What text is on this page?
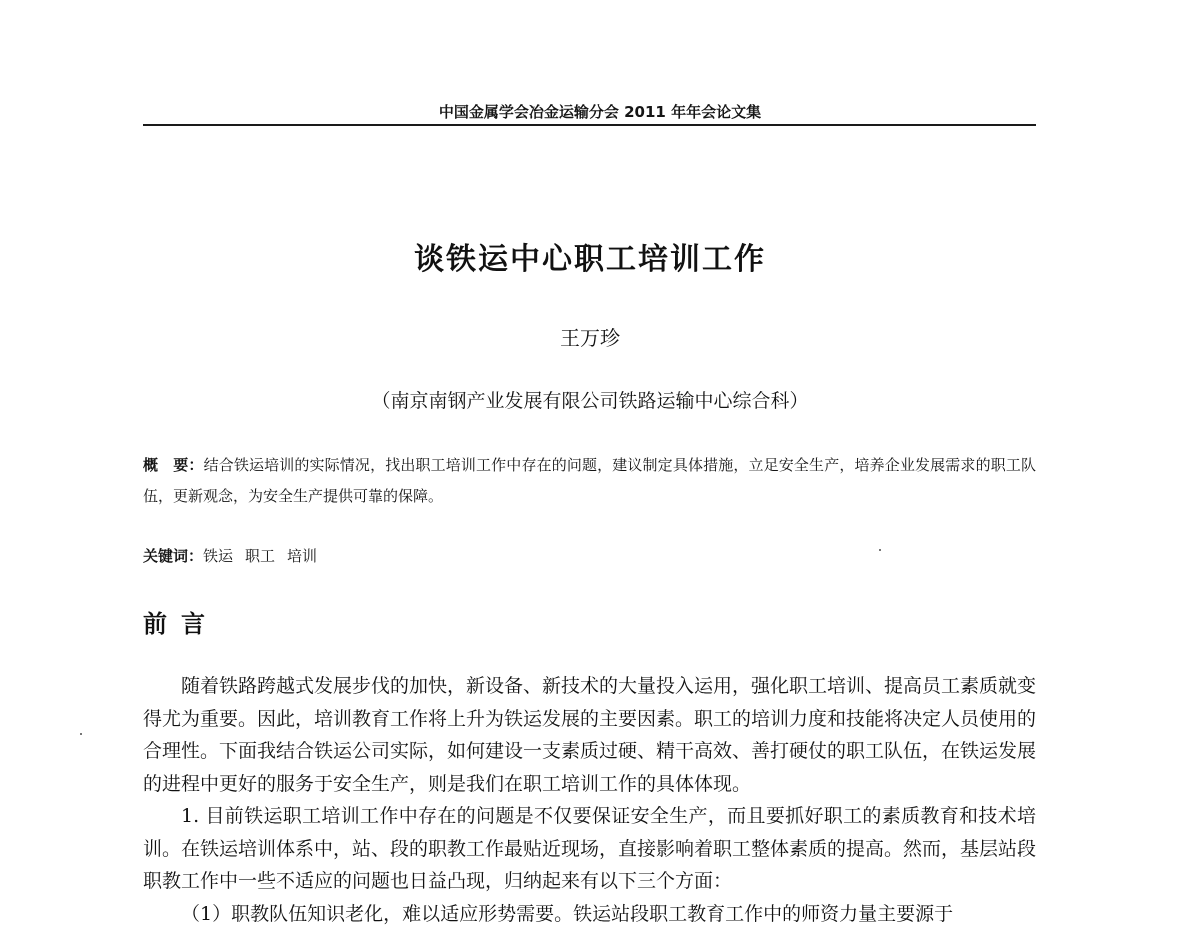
中国金属学会冶金运输分会 2011 年年会论文集
谈铁运中心职工培训工作
王万珍
（南京南钢产业发展有限公司铁路运输中心综合科）
概　要：结合铁运培训的实际情况，找出职工培训工作中存在的问题，建议制定具体措施，立足安全生产，培养企业发展需求的职工队伍，更新观念，为安全生产提供可靠的保障。
关键词：铁运 职工 培训
前言

随着铁路跨越式发展步伐的加快，新设备、新技术的大量投入运用，强化职工培训、提高员工素质就变得尤为重要。因此，培训教育工作将上升为铁运发展的主要因素。职工的培训力度和技能将决定人员使用的合理性。下面我结合铁运公司实际，如何建设一支素质过硬、精干高效、善打硬仗的职工队伍，在铁运发展的进程中更好的服务于安全生产，则是我们在职工培训工作的具体体现。

1. 目前铁运职工培训工作中存在的问题是不仅要保证安全生产，而且要抓好职工的素质教育和技术培训。在铁运培训体系中，站、段的职教工作最贴近现场，直接影响着职工整体素质的提高。然而，基层站段职教工作中一些不适应的问题也日益凸现，归纳起来有以下三个方面：

（1）职教队伍知识老化，难以适应形势需要。铁运站段职工教育工作中的师资力量主要源于
